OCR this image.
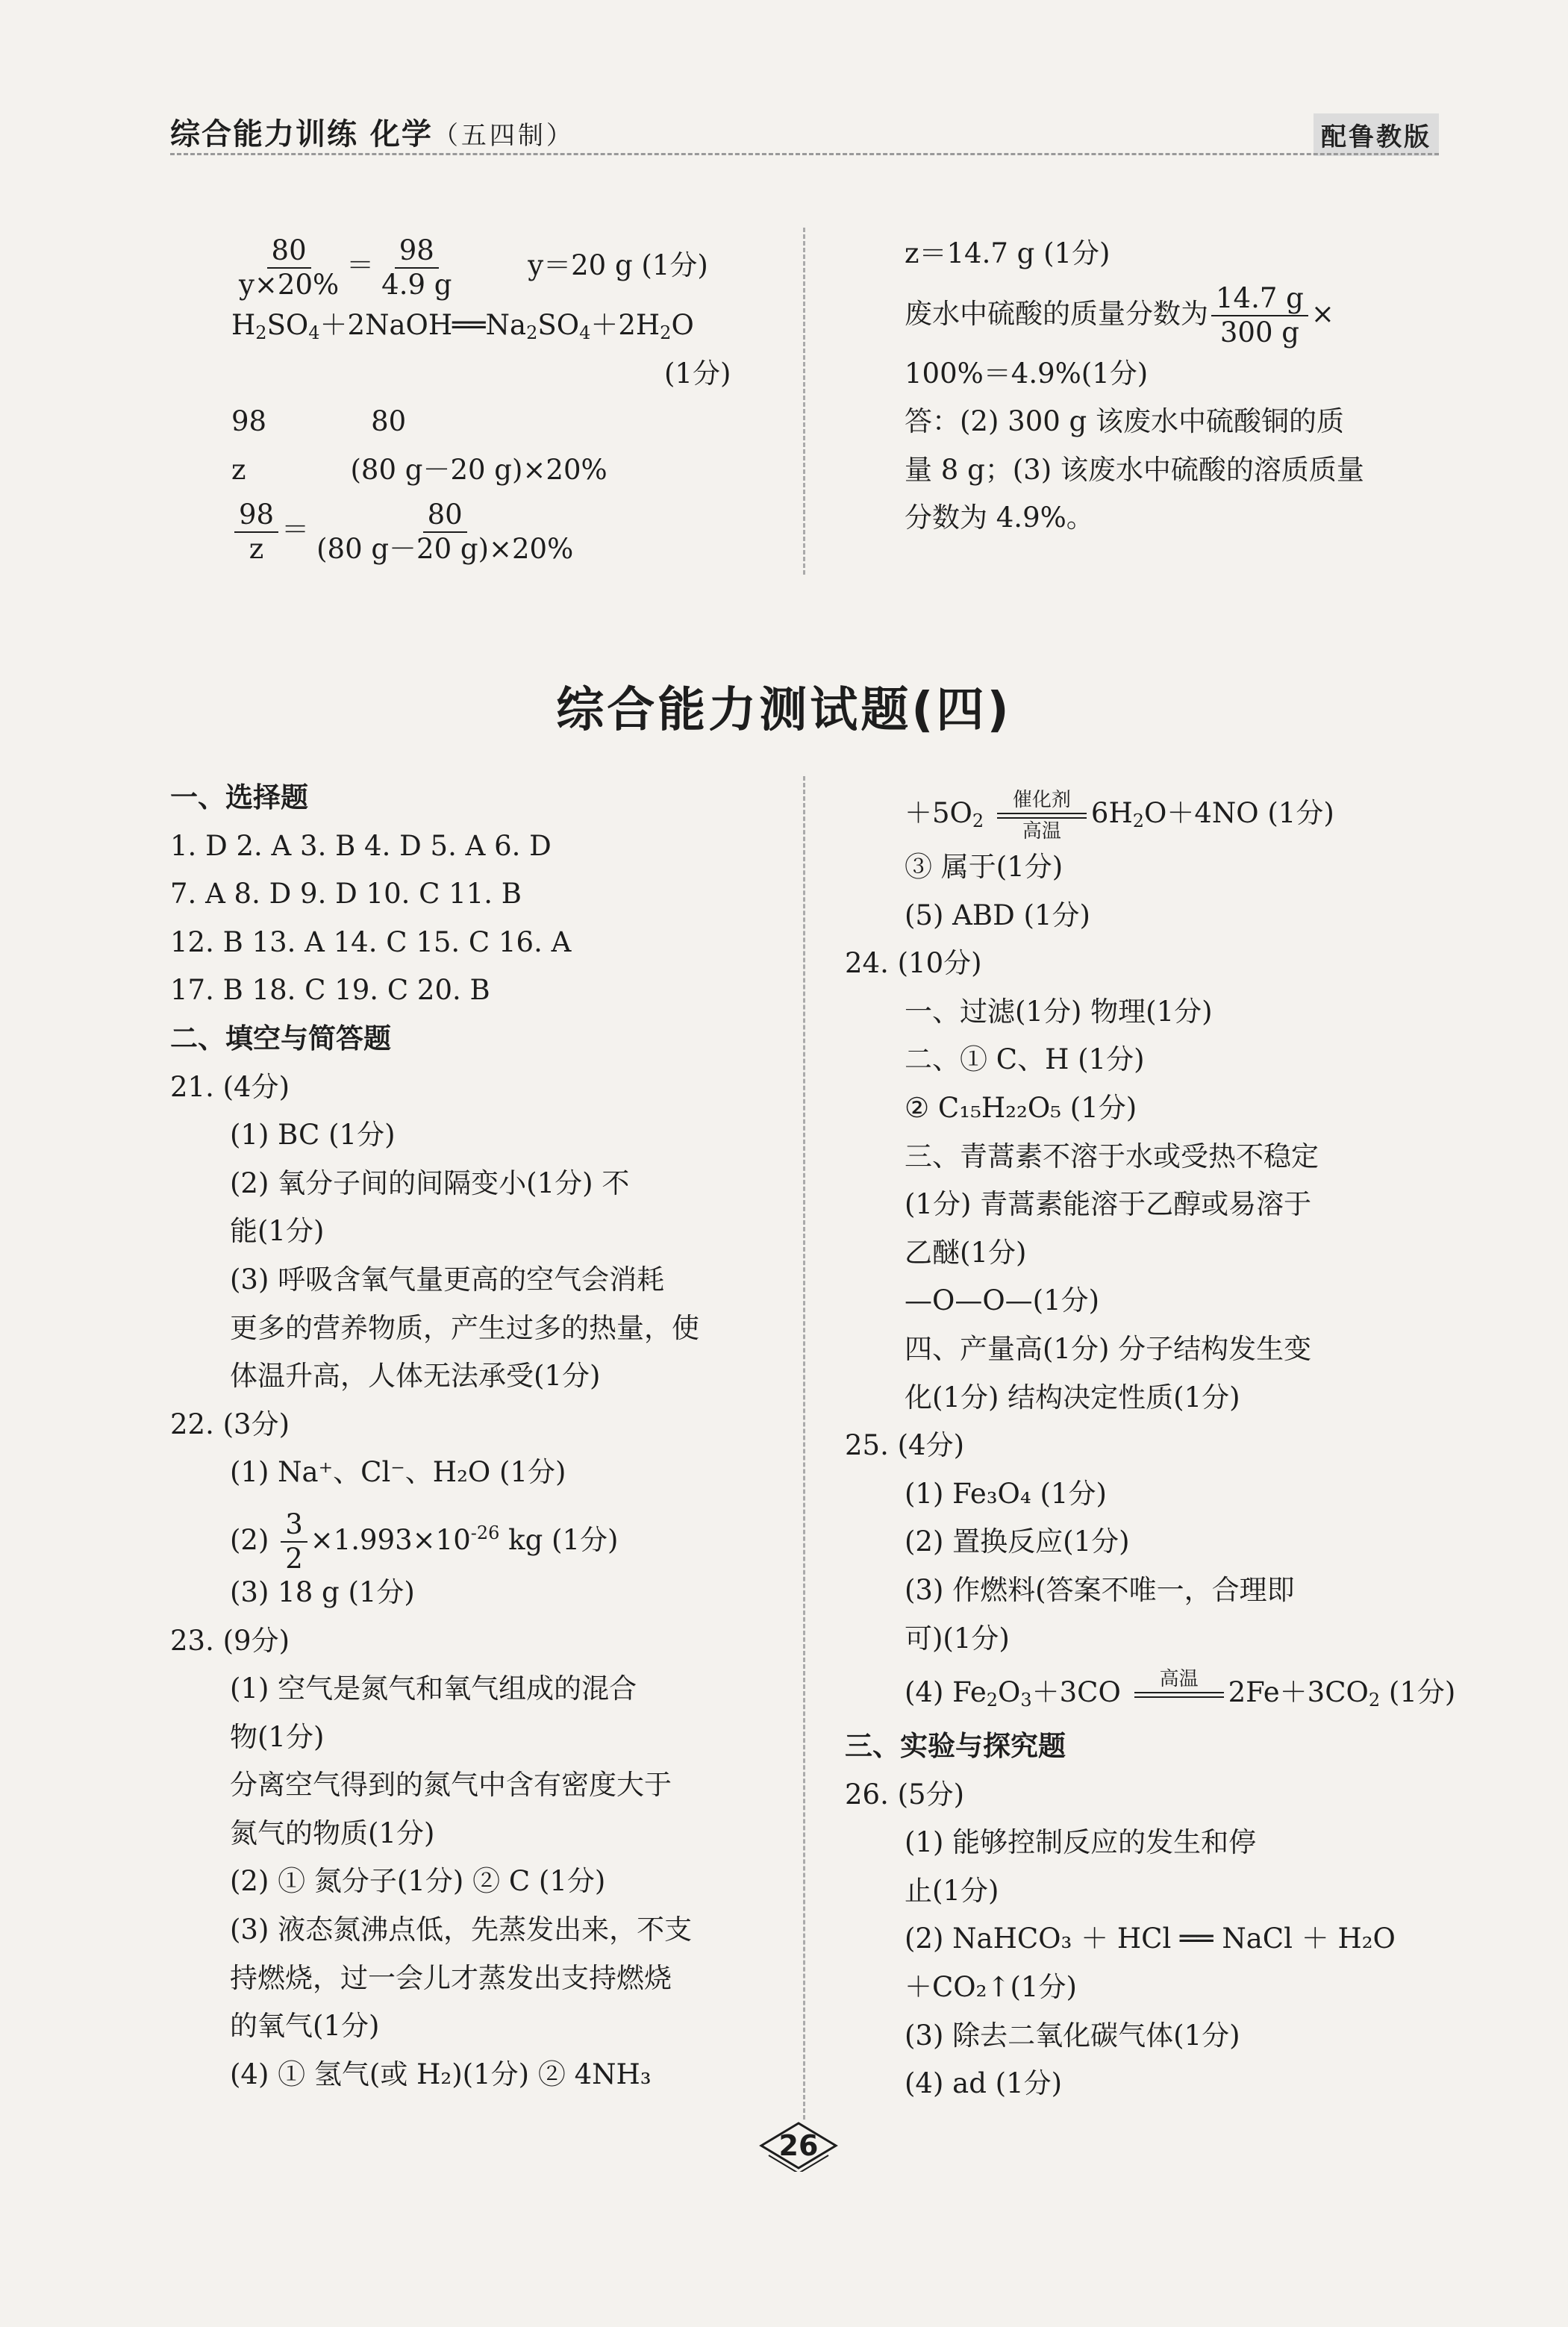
综合能力训练 化学（五四制）	配鲁教版
$\frac{80}{y\times 20\%} = \frac{98}{4.9 g}$	y＝20 g (1分)
$H_2SO_4+2NaOH══Na_2SO_4+2H_2O$
(1分)
98	80
z	(80 g－20 g)×20%
$\frac{98}{z} = \frac{80}{(80 g-20 g)\times 20\%}$
z＝14.7 g (1分)
废水中硫酸的质量分数为 $\frac{14.7 g}{300 g}$ ×
100%＝4.9%(1分)
答：(2) 300 g 该废水中硫酸铜的质
量 8 g；(3) 该废水中硫酸的溶质质量
分数为 4.9%。
综合能力测试题(四)
一、选择题
1. D 2. A 3. B 4. D 5. A 6. D
7. A 8. D 9. D 10. C 11. B
12. B 13. A 14. C 15. C 16. A
17. B 18. C 19. C 20. B
二、填空与简答题
21. (4分)
(1) BC (1分)
(2) 氧分子间的间隔变小(1分) 不
能(1分)
(3) 呼吸含氧气量更高的空气会消耗
更多的营养物质，产生过多的热量，使
体温升高，人体无法承受(1分)
22. (3分)
(1) Na⁺、Cl⁻、H₂O (1分)
$(2) \frac{3}{2} \times 1.993\times 10^{-26}$ kg (1分)
(3) 18 g (1分)
23. (9分)
(1) 空气是氮气和氧气组成的混合
物(1分)
分离空气得到的氮气中含有密度大于
氮气的物质(1分)
(2) ① 氮分子(1分) ② C (1分)
(3) 液态氮沸点低，先蒸发出来，不支
持燃烧，过一会儿才蒸发出支持燃烧
的氧气(1分)
(4) ① 氢气(或 H₂)(1分) ② 4NH₃
$+5O_2$
催化剂
高温
$6H_2O+4NO$ (1分)
③ 属于(1分)
(5) ABD (1分)
24. (10分)
一、过滤(1分) 物理(1分)
二、① C、H (1分)
② C₁₅H₂₂O₅ (1分)
三、青蒿素不溶于水或受热不稳定
(1分) 青蒿素能溶于乙醇或易溶于
乙醚(1分)
—O—O—(1分)
四、产量高(1分) 分子结构发生变
化(1分) 结构决定性质(1分)
25. (4分)
(1) Fe₃O₄ (1分)
(2) 置换反应(1分)
(3) 作燃料(答案不唯一，合理即
可)(1分)
(4) $Fe_2O_3+3CO$ 高温
$2Fe+3CO_2$ (1分)
三、实验与探究题
26. (5分)
(1) 能够控制反应的发生和停
止(1分)
(2) NaHCO₃ ＋ HCl ══ NaCl ＋ H₂O
＋CO₂↑(1分)
(3) 除去二氧化碳气体(1分)
(4) ad (1分)
26
